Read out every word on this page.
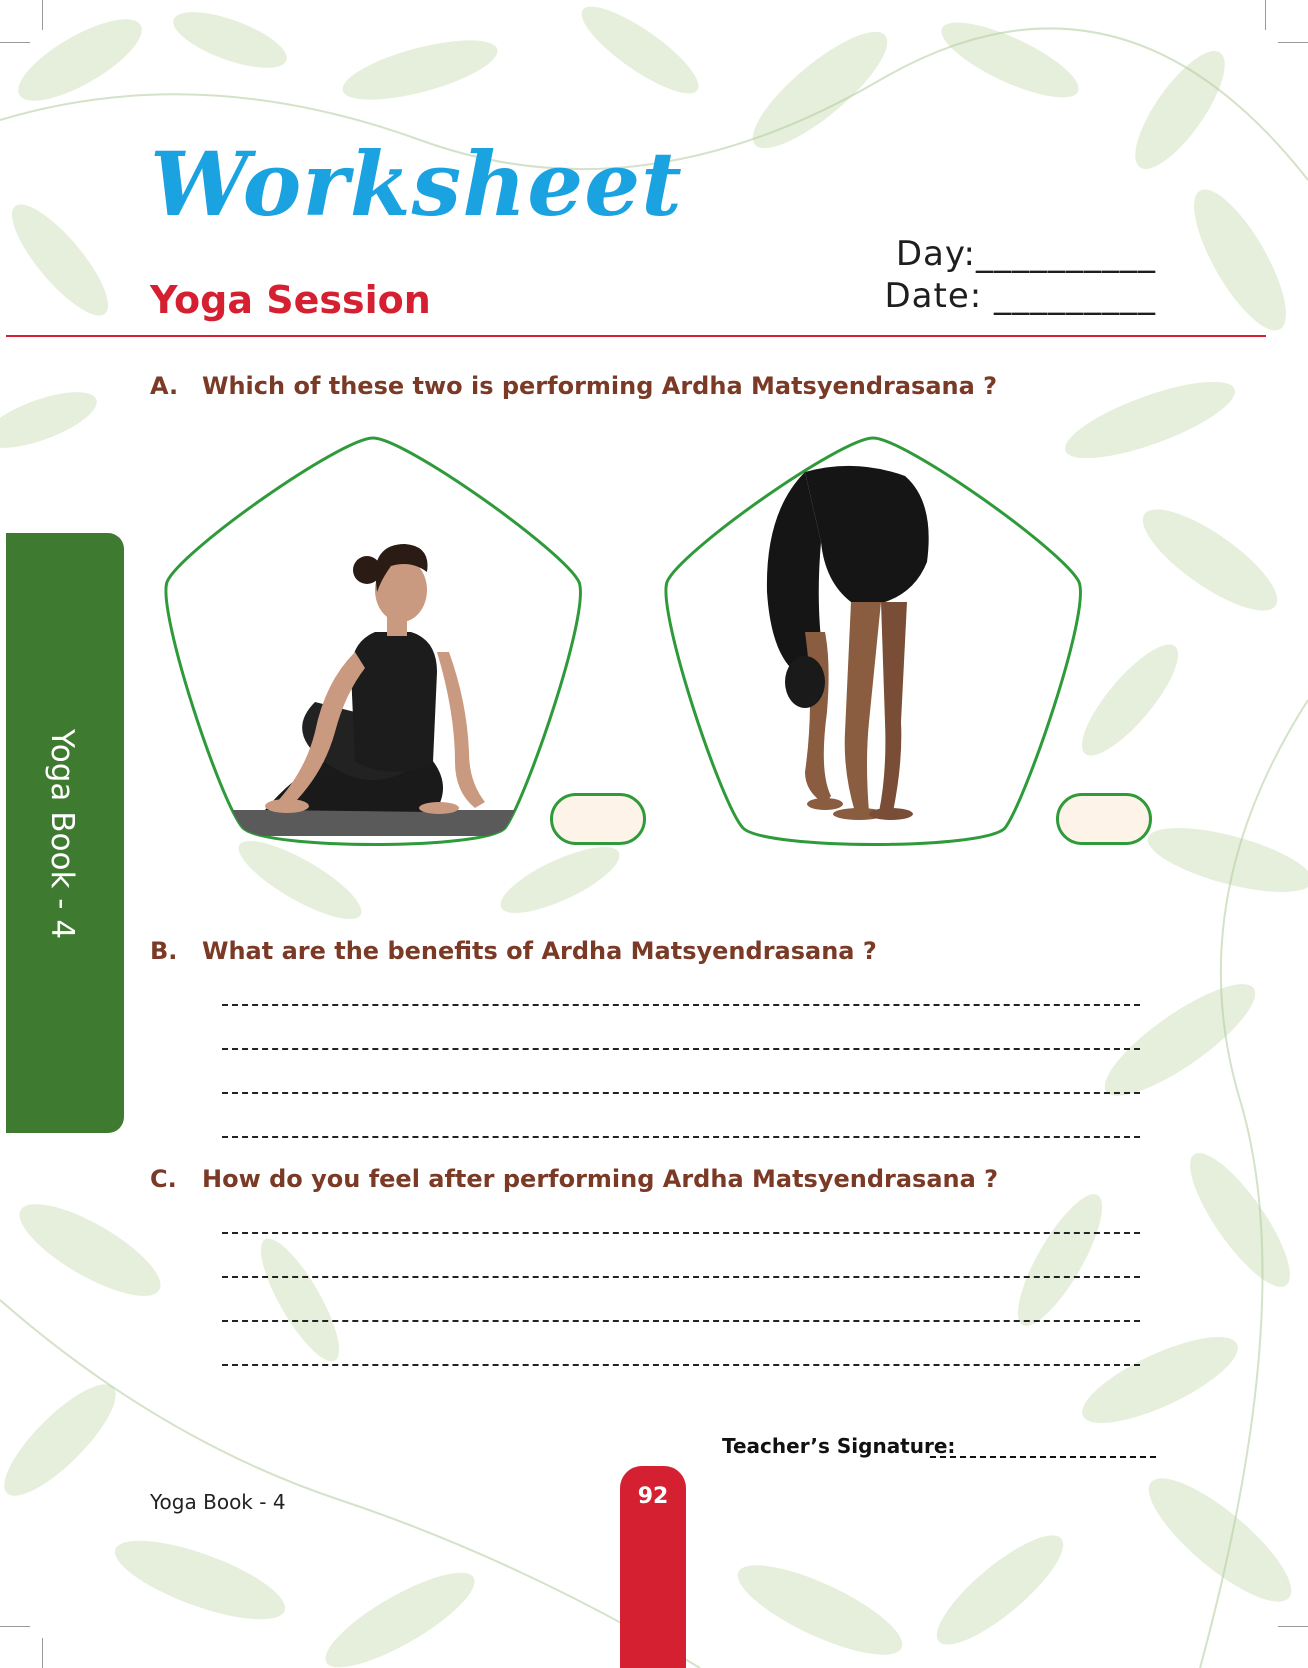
Worksheet
Yoga Session
Day:__________
Date: _________
Yoga Book - 4
A. Which of these two is performing Ardha Matsyendrasana ?
B. What are the benefits of Ardha Matsyendrasana ?
C. How do you feel after performing Ardha Matsyendrasana ?
Teacher’s Signature:
Yoga Book - 4	92
